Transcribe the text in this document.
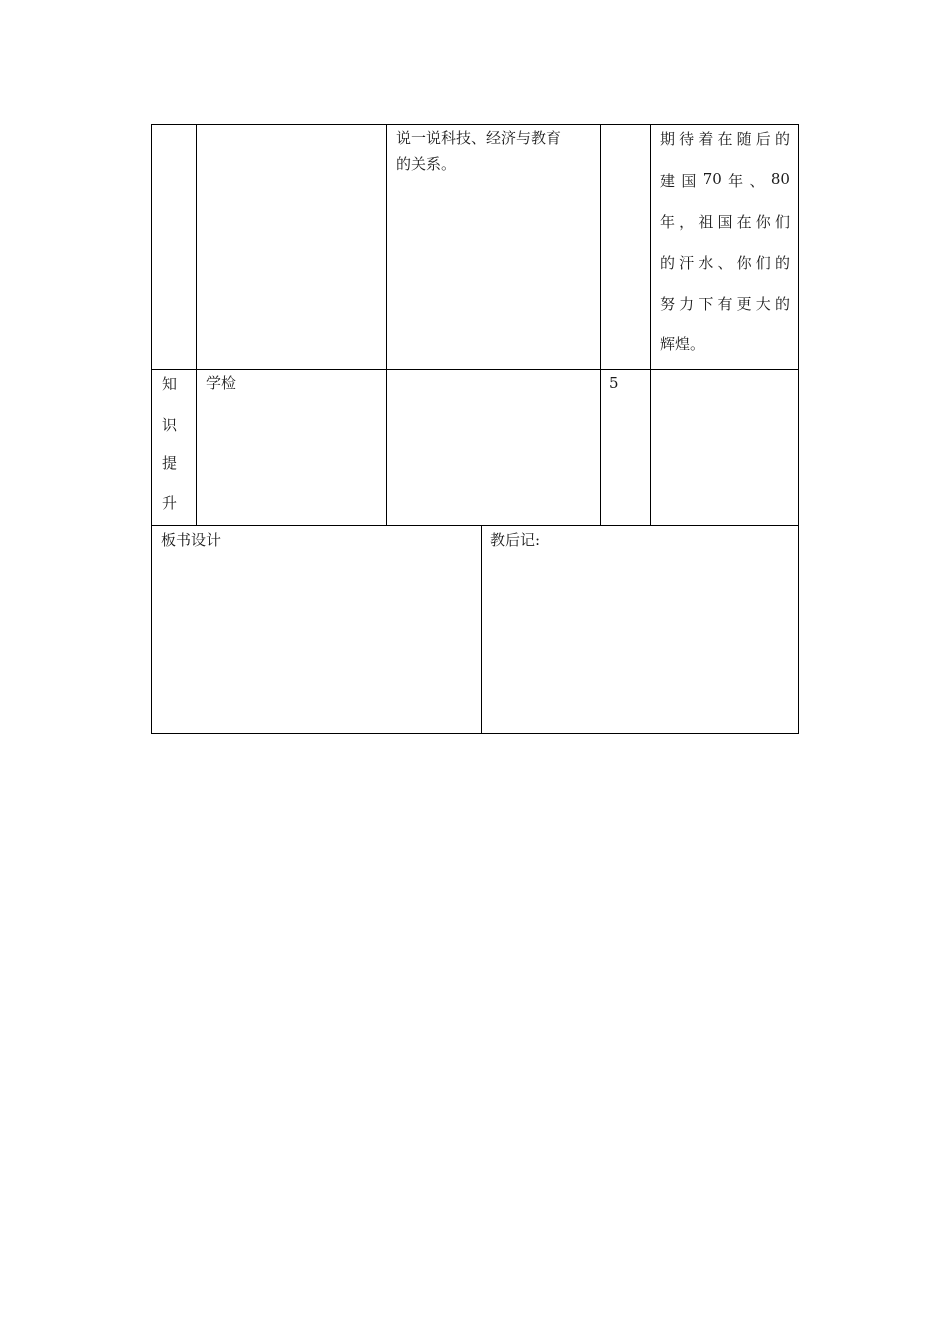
说一说科技、经济与教育
的关系。
期 待 着 在 随 后 的
建 国 70 年 、 80
年 ， 祖 国 在 你 们
的 汗 水 、 你 们 的
努 力 下 有 更 大 的
辉煌。
知
识
提
升
学检	5
板书设计	教后记:
